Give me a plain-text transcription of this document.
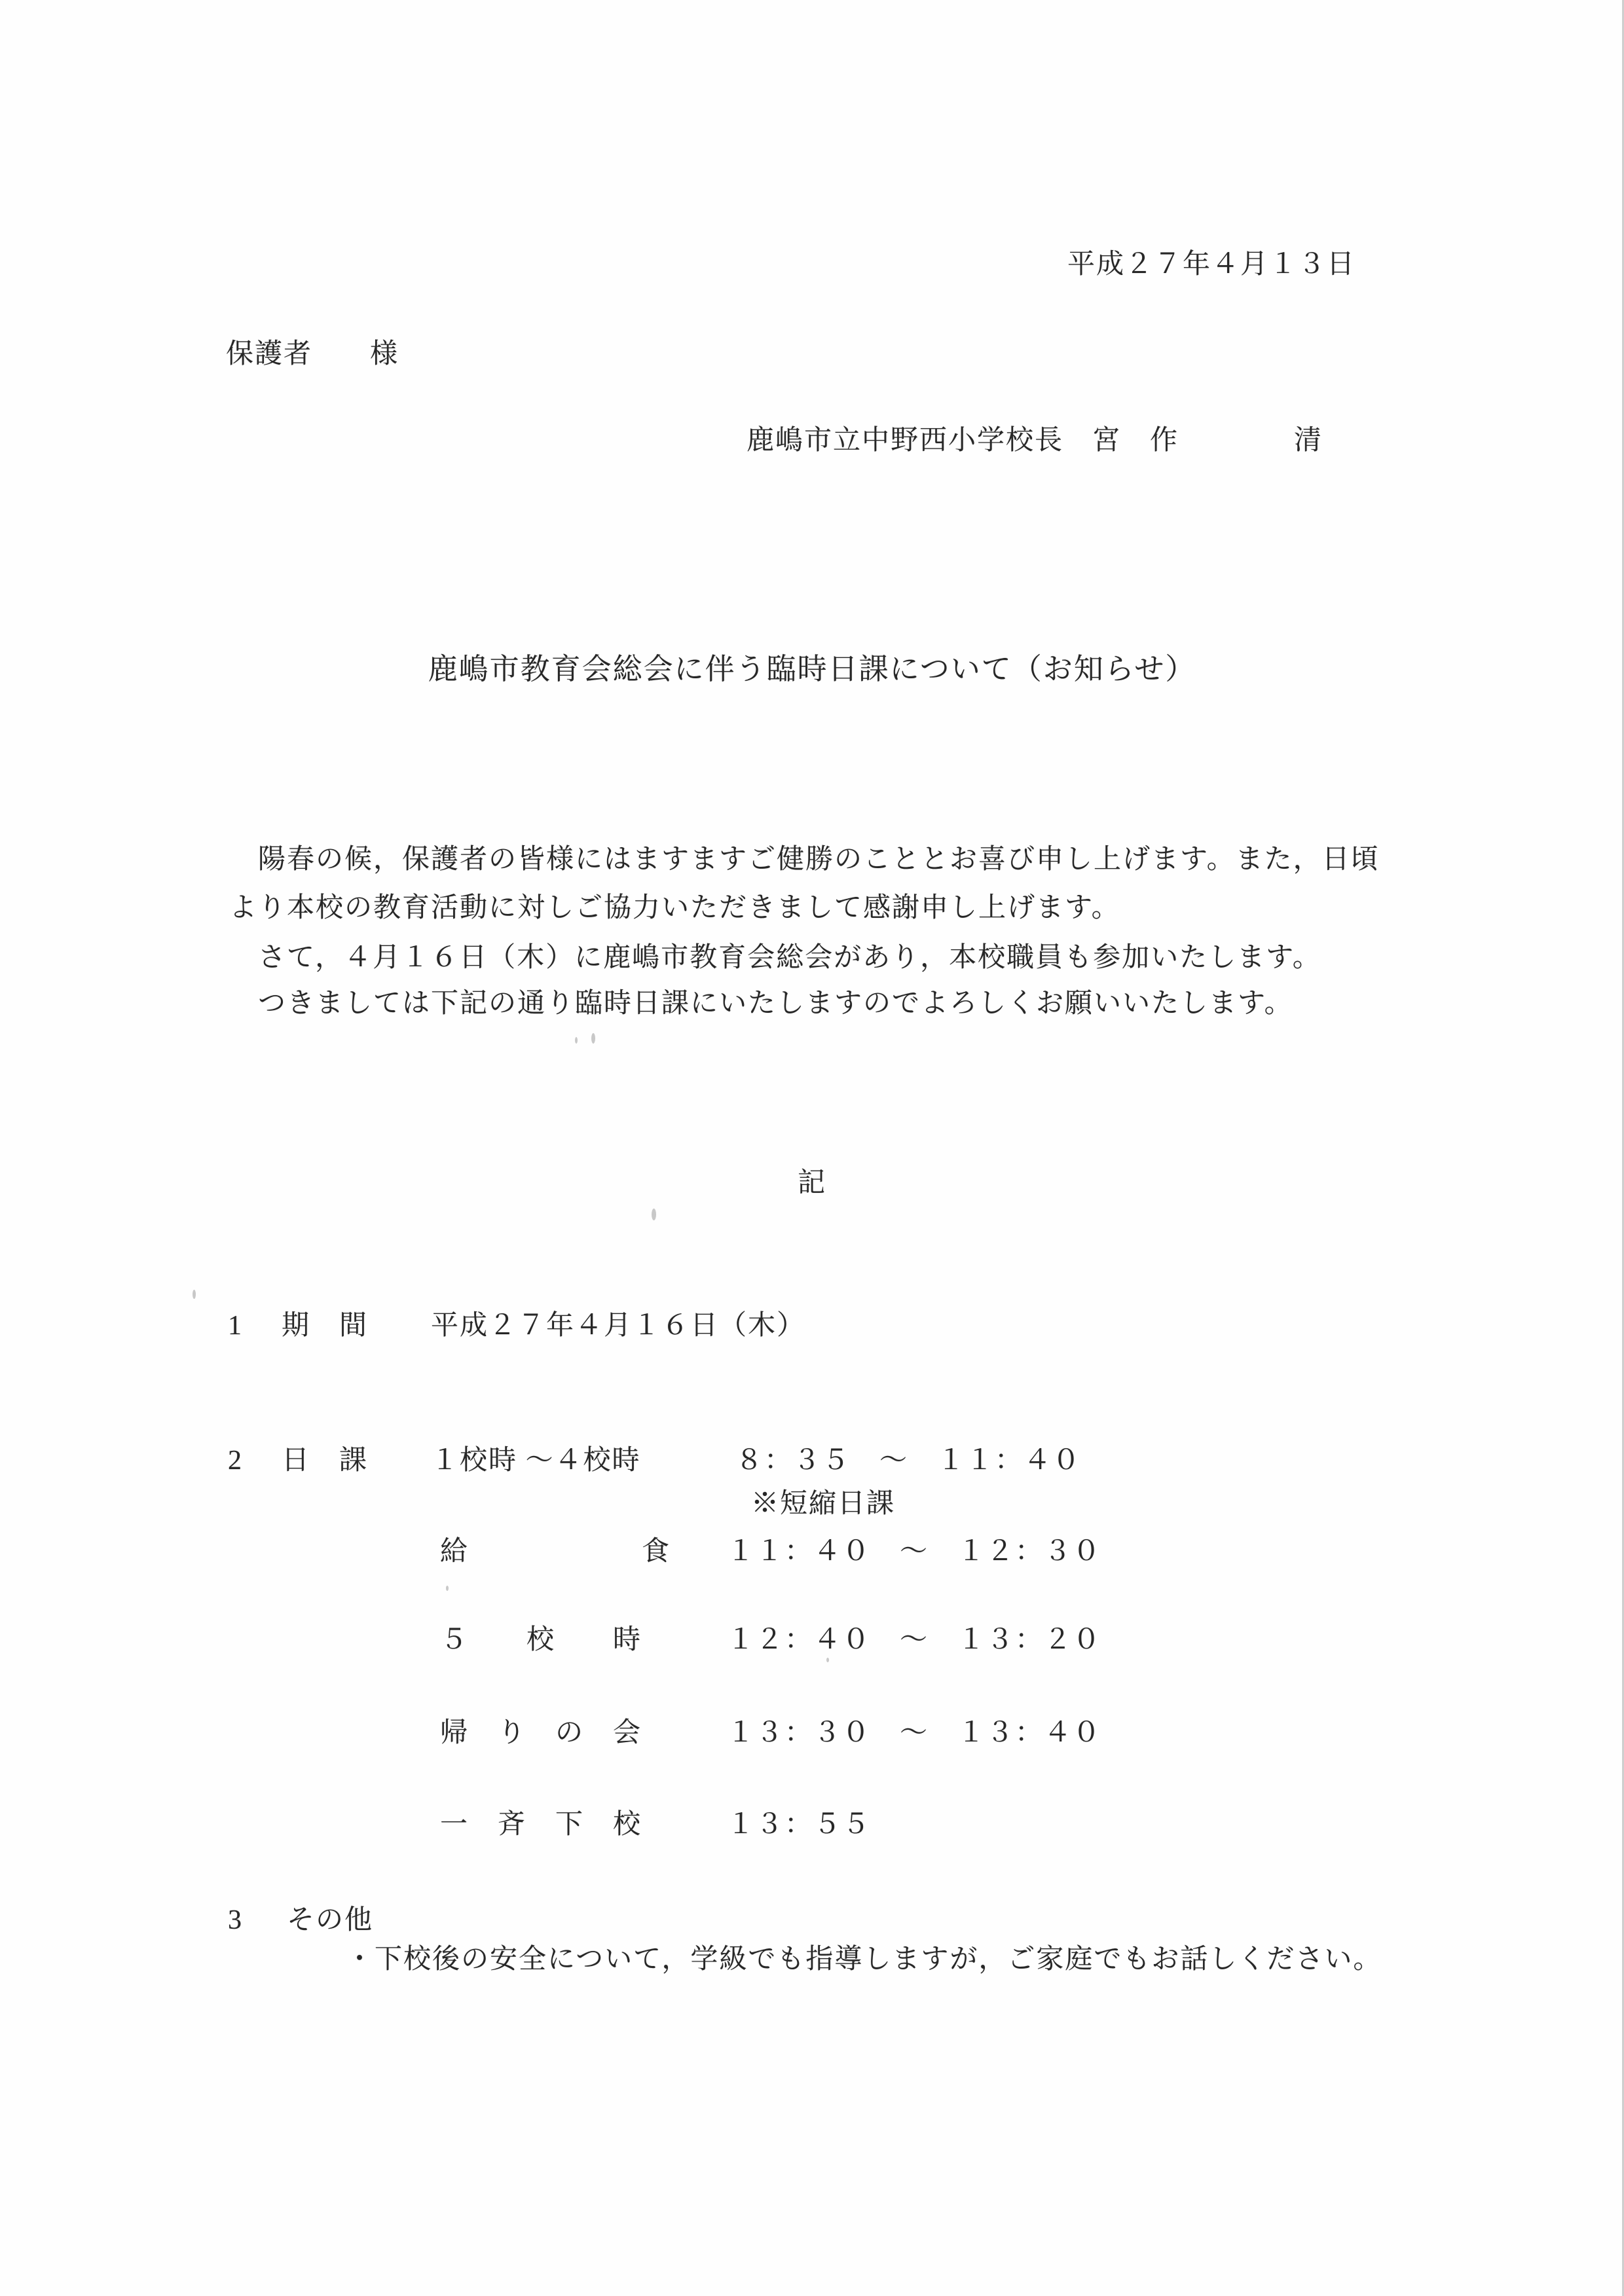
平成２７年４月１３日
保護者　　様
鹿嶋市立中野西小学校長　宮　作　　　　清
鹿嶋市教育会総会に伴う臨時日課について（お知らせ）
　陽春の候，保護者の皆様にはますますご健勝のこととお喜び申し上げます。また，日頃
より本校の教育活動に対しご協力いただきまして感謝申し上げます。
　さて，４月１６日（木）に鹿嶋市教育会総会があり，本校職員も参加いたします。
　つきましては下記の通り臨時日課にいたしますのでよろしくお願いいたします。
記
1 期　間 平成２７年４月１６日（木）
2 日　課 １校時 ～４校時	８：３５　～　１１：４０
※短縮日課
給　　　　　　食 １１：４０　～　１２：３０
５　　校　　時	１２：４０　～　１３：２０
帰　り　の　会	１３：３０　～　１３：４０
一　斉　下　校	１３：５５
3 その他
・下校後の安全について，学級でも指導しますが，ご家庭でもお話しください。
